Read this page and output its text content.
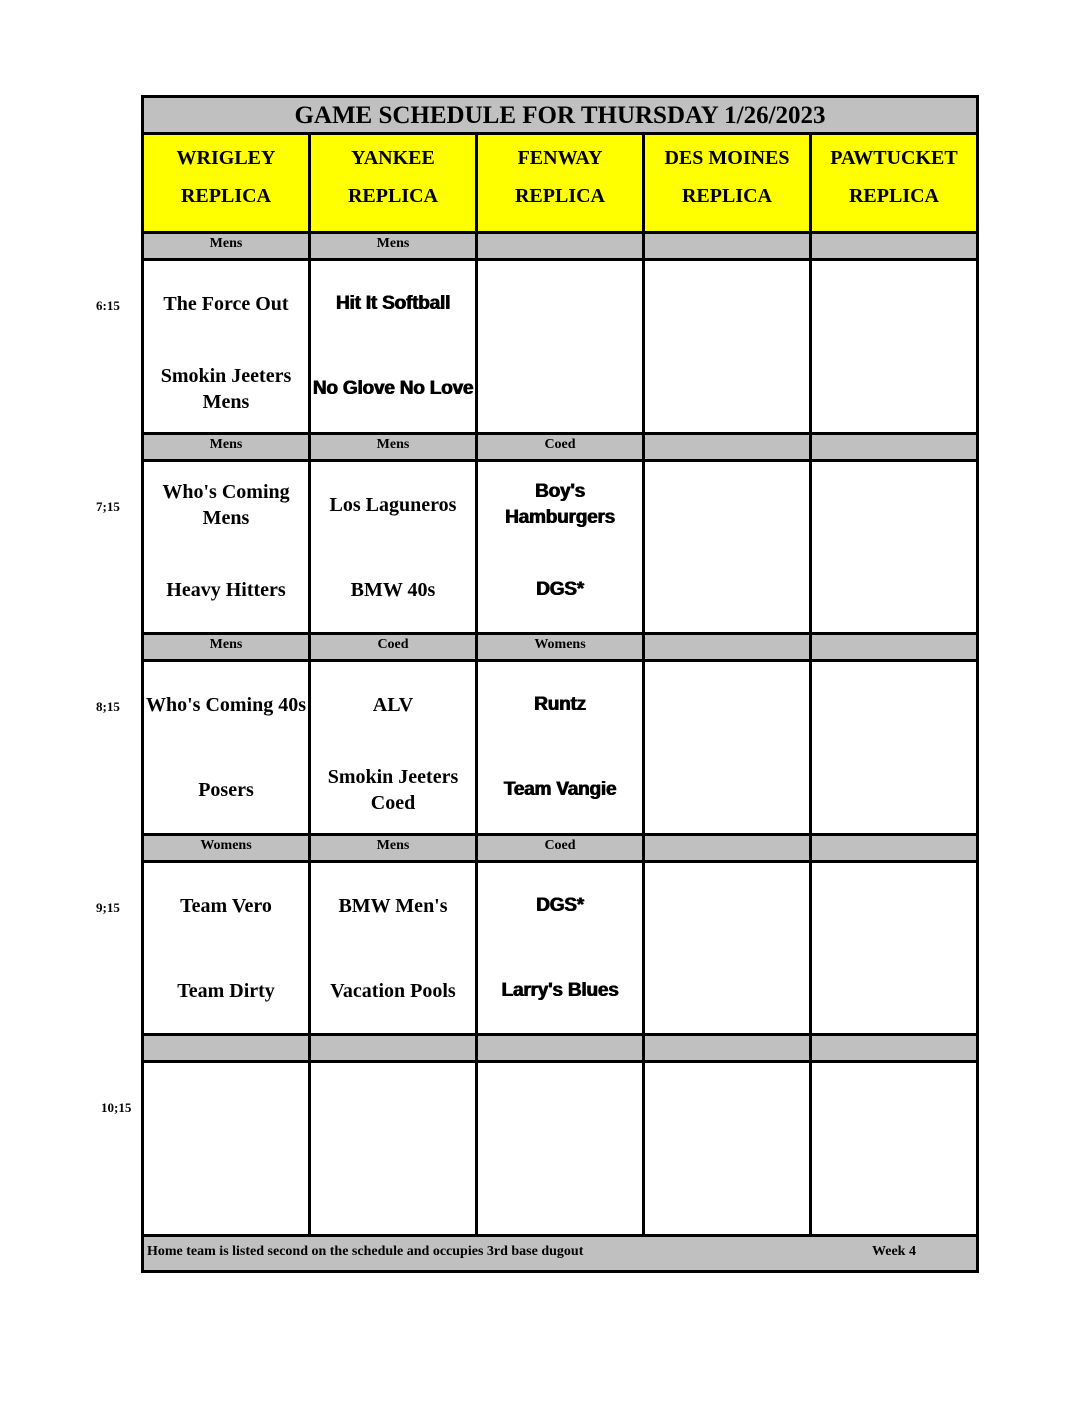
GAME SCHEDULE FOR THURSDAY 1/26/2023
WRIGLEY
REPLICA
YANKEE
REPLICA
FENWAY
REPLICA
DES MOINES
REPLICA
PAWTUCKET
REPLICA
Mens
The Force Out
Smokin Jeeters Mens
Mens
Hit It Softball
No Glove No Love
Mens
Who's Coming Mens
Heavy Hitters
Mens
Los Laguneros
BMW 40s
Coed
Boy's Hamburgers
DGS*
Mens
Who's Coming 40s
Posers
Coed
ALV
Smokin Jeeters Coed
Womens
Runtz
Team Vangie
Womens
Team Vero
Team Dirty
Mens
BMW Men's
Vacation Pools
Coed
DGS*
Larry's Blues
Home team is listed second on the schedule and occupies 3rd base dugout	Week 4
6:15
7;15
8;15
9;15
10;15
